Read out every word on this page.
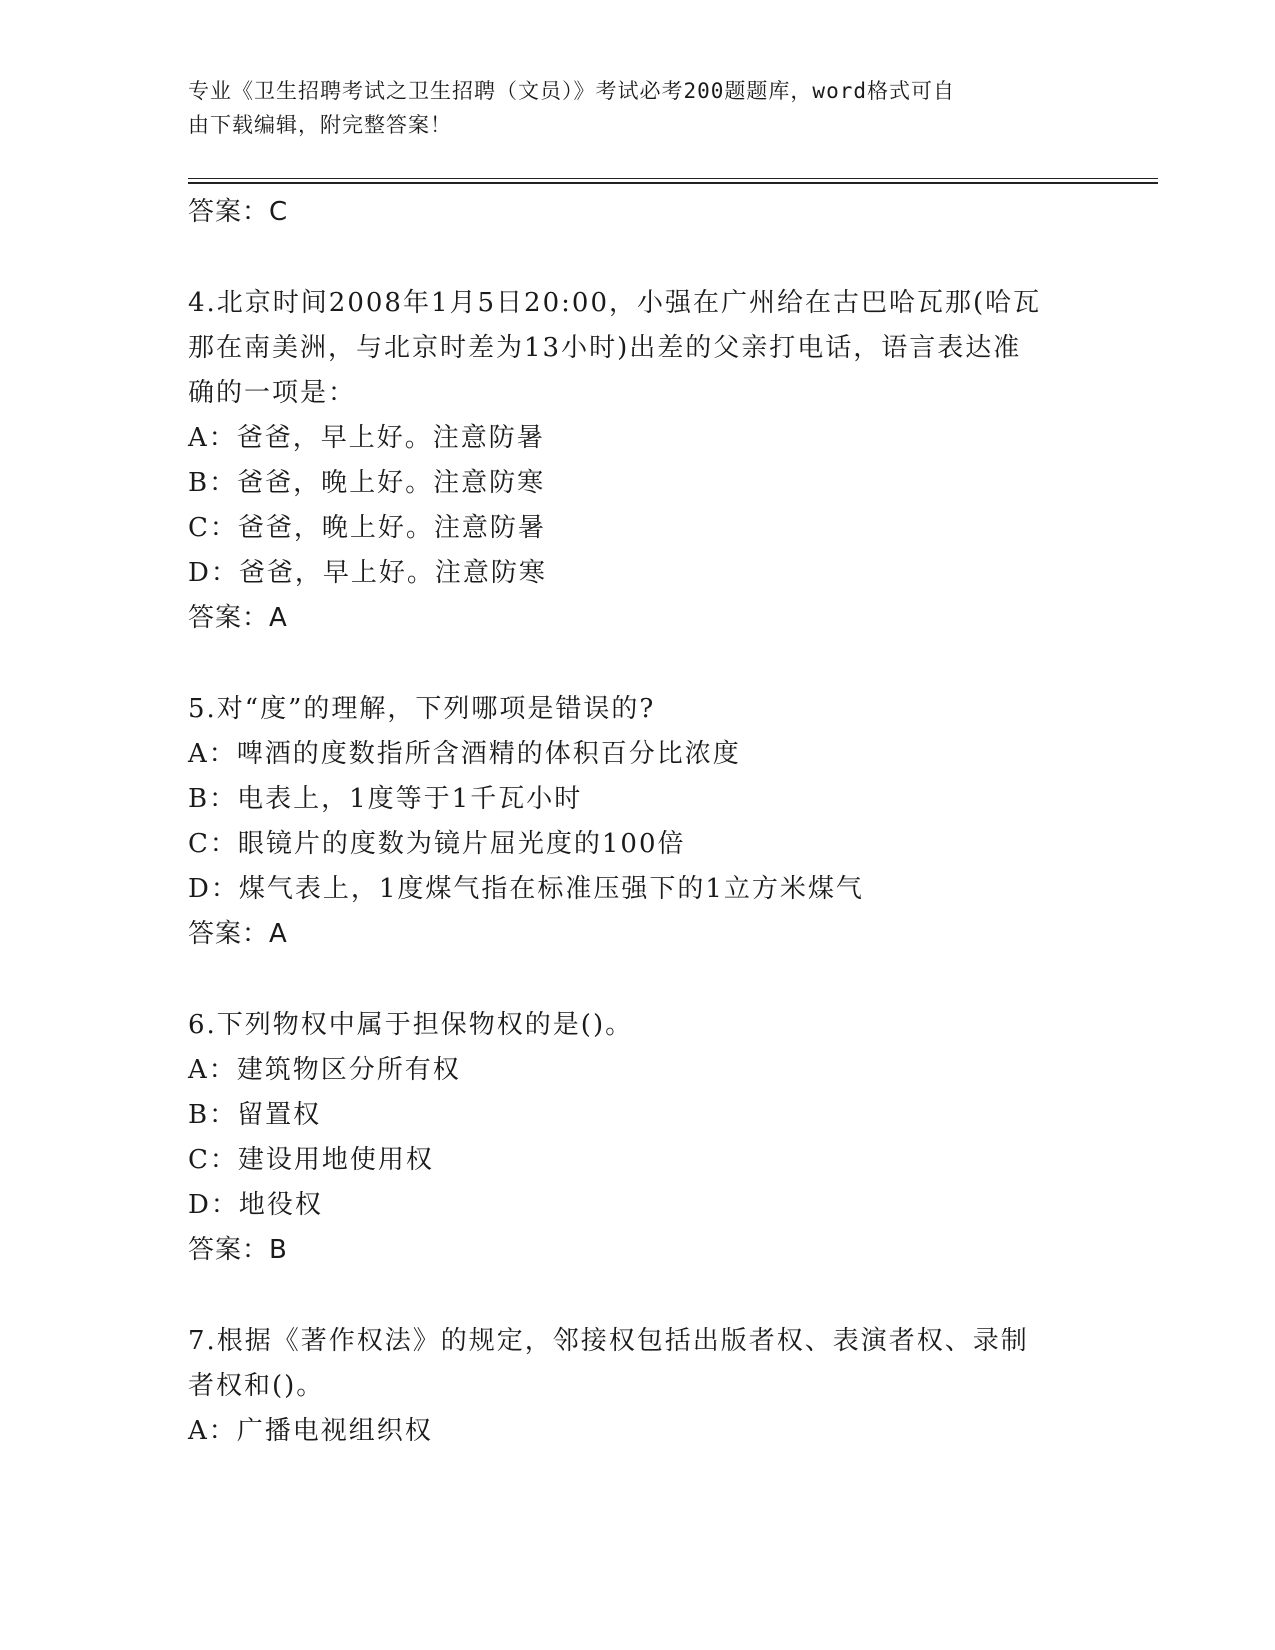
专业《卫生招聘考试之卫生招聘（文员）》考试必考200题题库，word格式可自
由下载编辑，附完整答案！
答案：C
4.北京时间2008年1月5日20:00，小强在广州给在古巴哈瓦那(哈瓦
那在南美洲，与北京时差为13小时)出差的父亲打电话，语言表达准
确的一项是：
A：爸爸，早上好。注意防暑
B：爸爸，晚上好。注意防寒
C：爸爸，晚上好。注意防暑
D：爸爸，早上好。注意防寒
答案：A
5.对“度”的理解，下列哪项是错误的?
A：啤酒的度数指所含酒精的体积百分比浓度
B：电表上，1度等于1千瓦小时
C：眼镜片的度数为镜片屈光度的100倍
D：煤气表上，1度煤气指在标准压强下的1立方米煤气
答案：A
6.下列物权中属于担保物权的是()。
A：建筑物区分所有权
B：留置权
C：建设用地使用权
D：地役权
答案：B
7.根据《著作权法》的规定，邻接权包括出版者权、表演者权、录制
者权和()。
A：广播电视组织权
